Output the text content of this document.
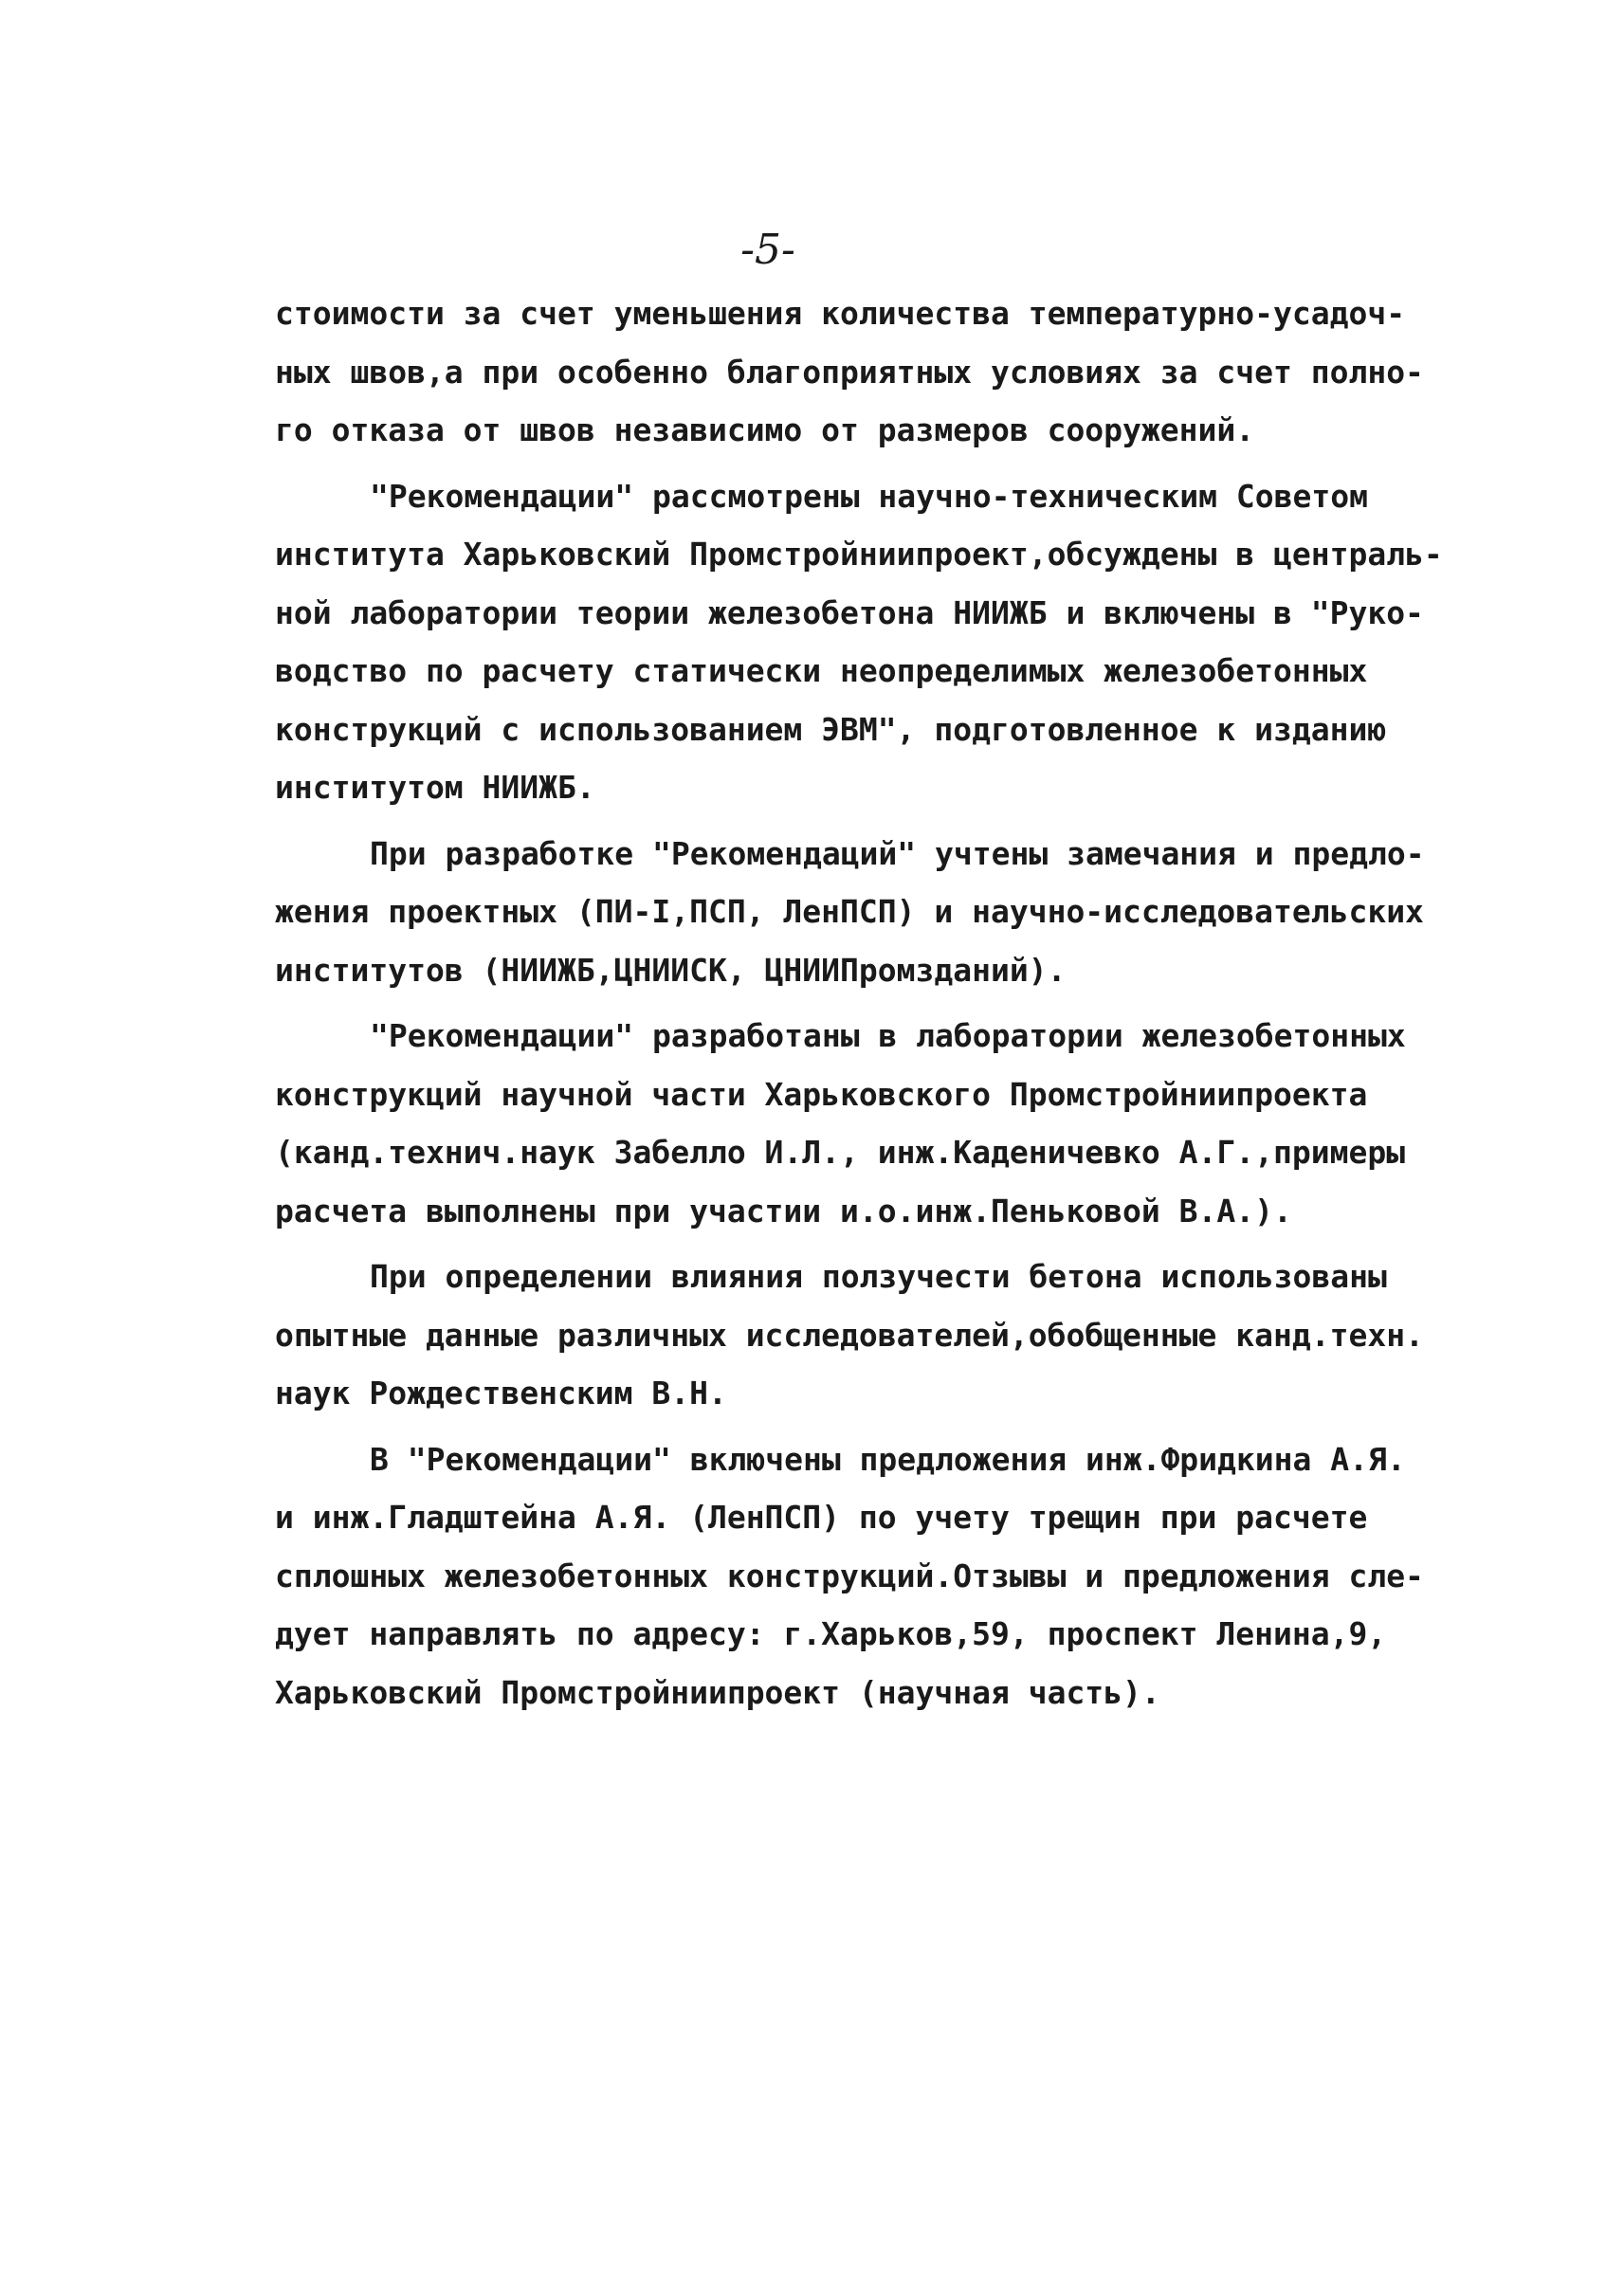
-5-
стоимости за счет уменьшения количества температурно-усадоч-
ных швов,а при особенно благоприятных условиях за счет полно-
го отказа от швов независимо от размеров сооружений.
"Рекомендации" рассмотрены научно-техническим Советом
института Харьковский Промстройниипроект,обсуждены в централь-
ной лаборатории теории железобетона НИИЖБ и включены в "Руко-
водство по расчету статически неопределимых железобетонных
конструкций с использованием ЭВМ", подготовленное к изданию
институтом НИИЖБ.
При разработке "Рекомендаций" учтены замечания и предло-
жения проектных (ПИ-I,ПСП, ЛенПСП) и научно-исследовательских
институтов (НИИЖБ,ЦНИИСК, ЦНИИПромзданий).
"Рекомендации" разработаны в лаборатории железобетонных
конструкций научной части Харьковского Промстройниипроекта
(канд.технич.наук Забелло И.Л., инж.Каденичевко А.Г.,примеры
расчета выполнены при участии и.о.инж.Пеньковой В.А.).
При определении влияния ползучести бетона использованы
опытные данные различных исследователей,обобщенные канд.техн.
наук Рождественским В.Н.
В "Рекомендации" включены предложения инж.Фридкина А.Я.
и инж.Гладштейна А.Я. (ЛенПСП) по учету трещин при расчете
сплошных железобетонных конструкций.Отзывы и предложения сле-
дует направлять по адресу: г.Харьков,59, проспект Ленина,9,
Харьковский Промстройниипроект (научная часть).
